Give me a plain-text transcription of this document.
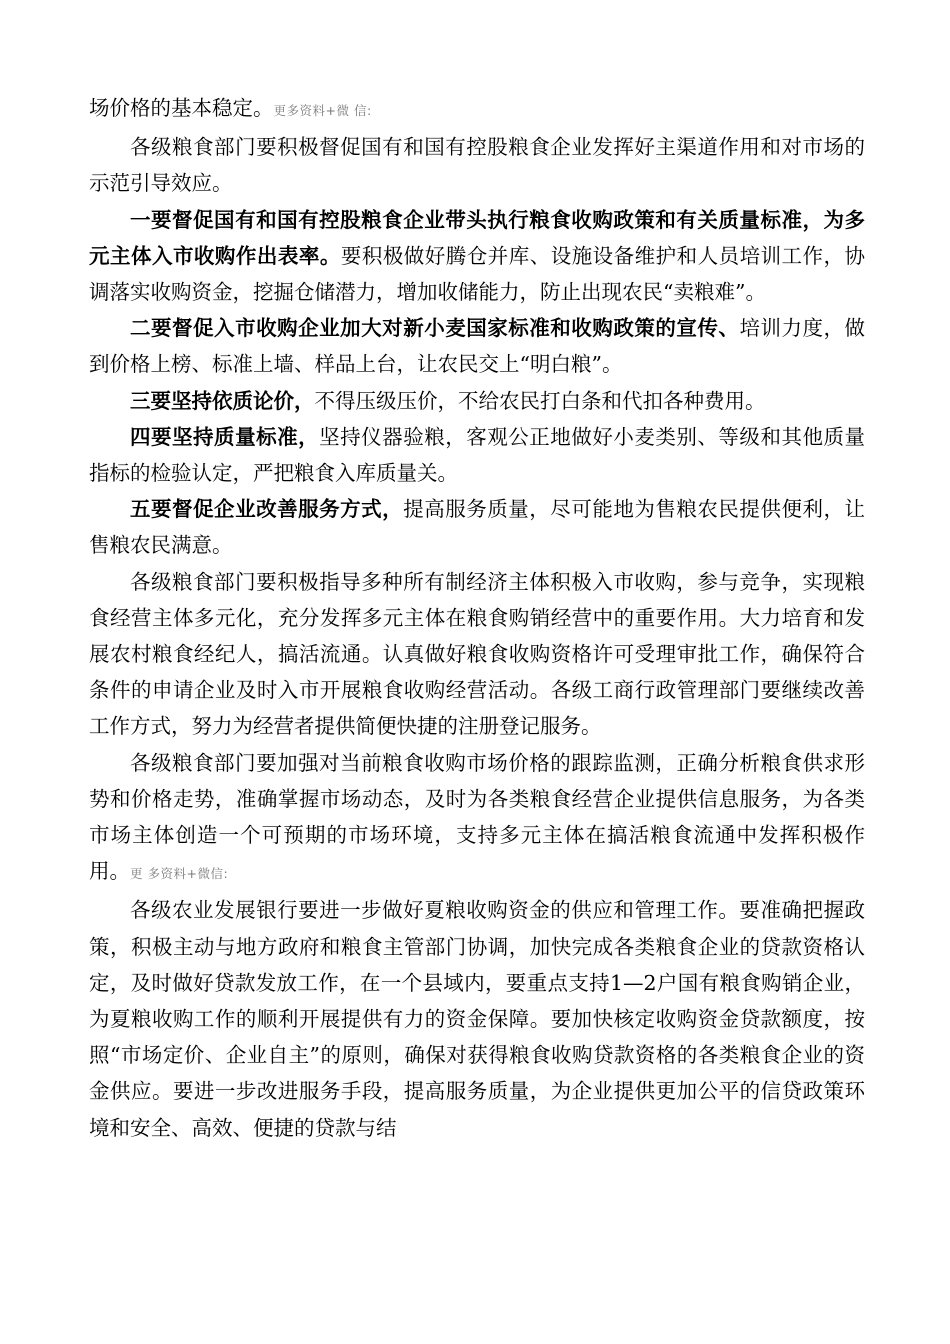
场价格的基本稳定。更多资料+微 信:

各级粮食部门要积极督促国有和国有控股粮食企业发挥好主渠道作用和对市场的示范引导效应。

一要督促国有和国有控股粮食企业带头执行粮食收购政策和有关质量标准，为多元主体入市收购作出表率。要积极做好腾仓并库、设施设备维护和人员培训工作，协调落实收购资金，挖掘仓储潜力，增加收储能力，防止出现农民“卖粮难”。

二要督促入市收购企业加大对新小麦国家标准和收购政策的宣传、培训力度，做到价格上榜、标准上墙、样品上台，让农民交上“明白粮”。

三要坚持依质论价，不得压级压价，不给农民打白条和代扣各种费用。

四要坚持质量标准，坚持仪器验粮，客观公正地做好小麦类别、等级和其他质量指标的检验认定，严把粮食入库质量关。

五要督促企业改善服务方式，提高服务质量，尽可能地为售粮农民提供便利，让售粮农民满意。

各级粮食部门要积极指导多种所有制经济主体积极入市收购，参与竞争，实现粮食经营主体多元化，充分发挥多元主体在粮食购销经营中的重要作用。大力培育和发展农村粮食经纪人，搞活流通。认真做好粮食收购资格许可受理审批工作，确保符合条件的申请企业及时入市开展粮食收购经营活动。各级工商行政管理部门要继续改善工作方式，努力为经营者提供简便快捷的注册登记服务。

各级粮食部门要加强对当前粮食收购市场价格的跟踪监测，正确分析粮食供求形势和价格走势，准确掌握市场动态，及时为各类粮食经营企业提供信息服务，为各类市场主体创造一个可预期的市场环境，支持多元主体在搞活粮食流通中发挥积极作用。更 多资料+微信:

各级农业发展银行要进一步做好夏粮收购资金的供应和管理工作。要准确把握政策，积极主动与地方政府和粮食主管部门协调，加快完成各类粮食企业的贷款资格认定，及时做好贷款发放工作，在一个县域内，要重点支持1—2户国有粮食购销企业，为夏粮收购工作的顺利开展提供有力的资金保障。要加快核定收购资金贷款额度，按照“市场定价、企业自主”的原则，确保对获得粮食收购贷款资格的各类粮食企业的资金供应。要进一步改进服务手段，提高服务质量，为企业提供更加公平的信贷政策环境和安全、高效、便捷的贷款与结
